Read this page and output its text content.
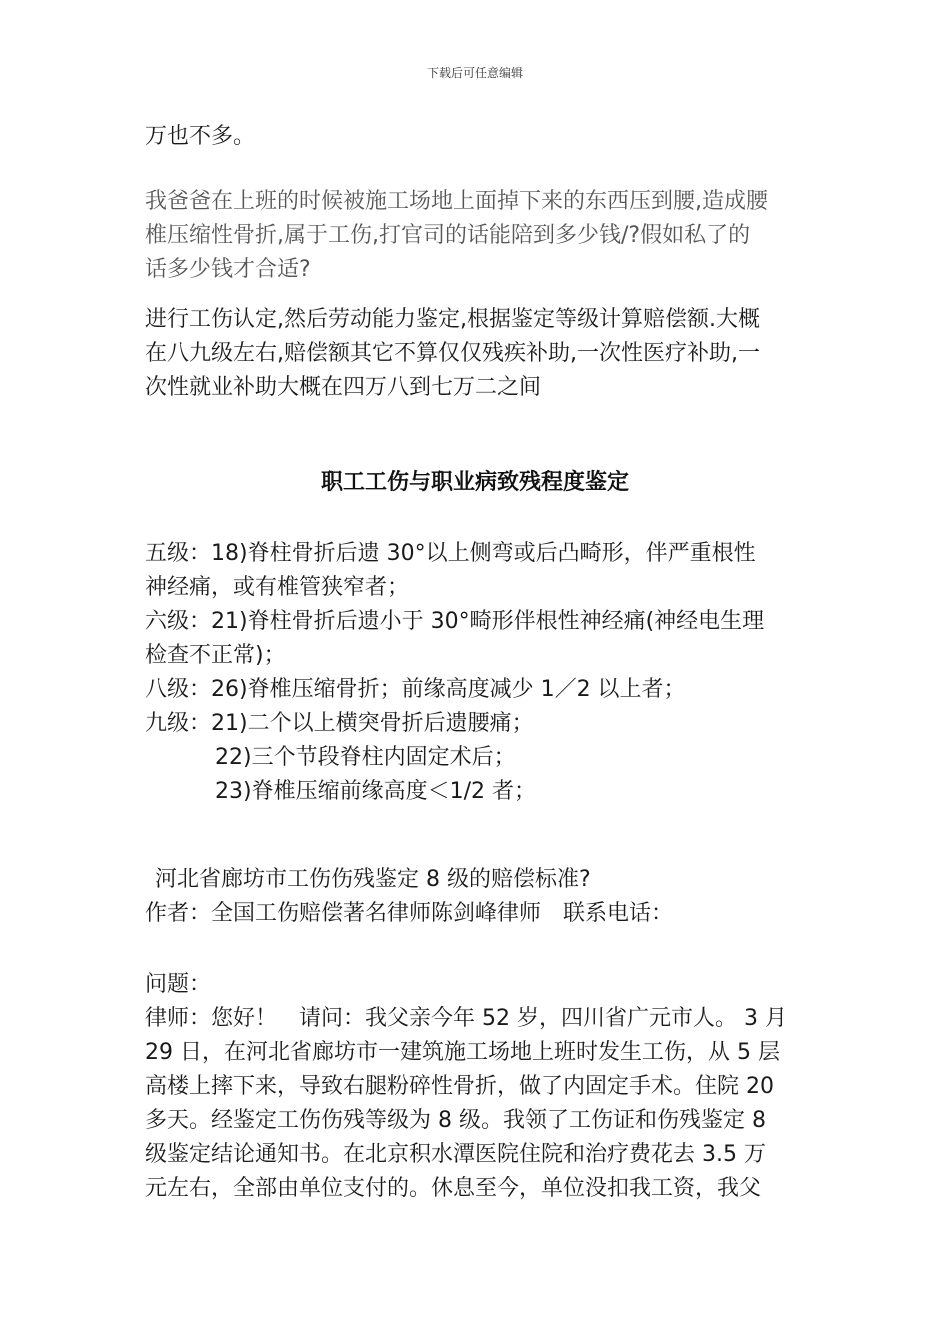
下载后可任意编辑
万也不多。
我爸爸在上班的时候被施工场地上面掉下来的东西压到腰,造成腰
椎压缩性骨折,属于工伤,打官司的话能陪到多少钱/?假如私了的
话多少钱才合适?
进行工伤认定,然后劳动能力鉴定,根据鉴定等级计算赔偿额.大概
在八九级左右,赔偿额其它不算仅仅残疾补助,一次性医疗补助,一
次性就业补助大概在四万八到七万二之间
职工工伤与职业病致残程度鉴定
五级：18)脊柱骨折后遗 30°以上侧弯或后凸畸形，伴严重根性
神经痛，或有椎管狭窄者；
六级：21)脊柱骨折后遗小于 30°畸形伴根性神经痛(神经电生理
检查不正常)；
八级：26)脊椎压缩骨折；前缘高度减少 1／2 以上者；
九级：21)二个以上横突骨折后遗腰痛；
22)三个节段脊柱内固定术后；
23)脊椎压缩前缘高度＜1/2 者；
河北省廊坊市工伤伤残鉴定 8 级的赔偿标准?
作者：全国工伤赔偿著名律师陈剑峰律师　联系电话：
问题：
律师：您好！　请问：我父亲今年 52 岁，四川省广元市人。 3 月
29 日，在河北省廊坊市一建筑施工场地上班时发生工伤，从 5 层
高楼上摔下来，导致右腿粉碎性骨折，做了内固定手术。住院 20
多天。经鉴定工伤伤残等级为 8 级。我领了工伤证和伤残鉴定 8
级鉴定结论通知书。在北京积水潭医院住院和治疗费花去 3.5 万
元左右，全部由单位支付的。休息至今，单位没扣我工资，我父
